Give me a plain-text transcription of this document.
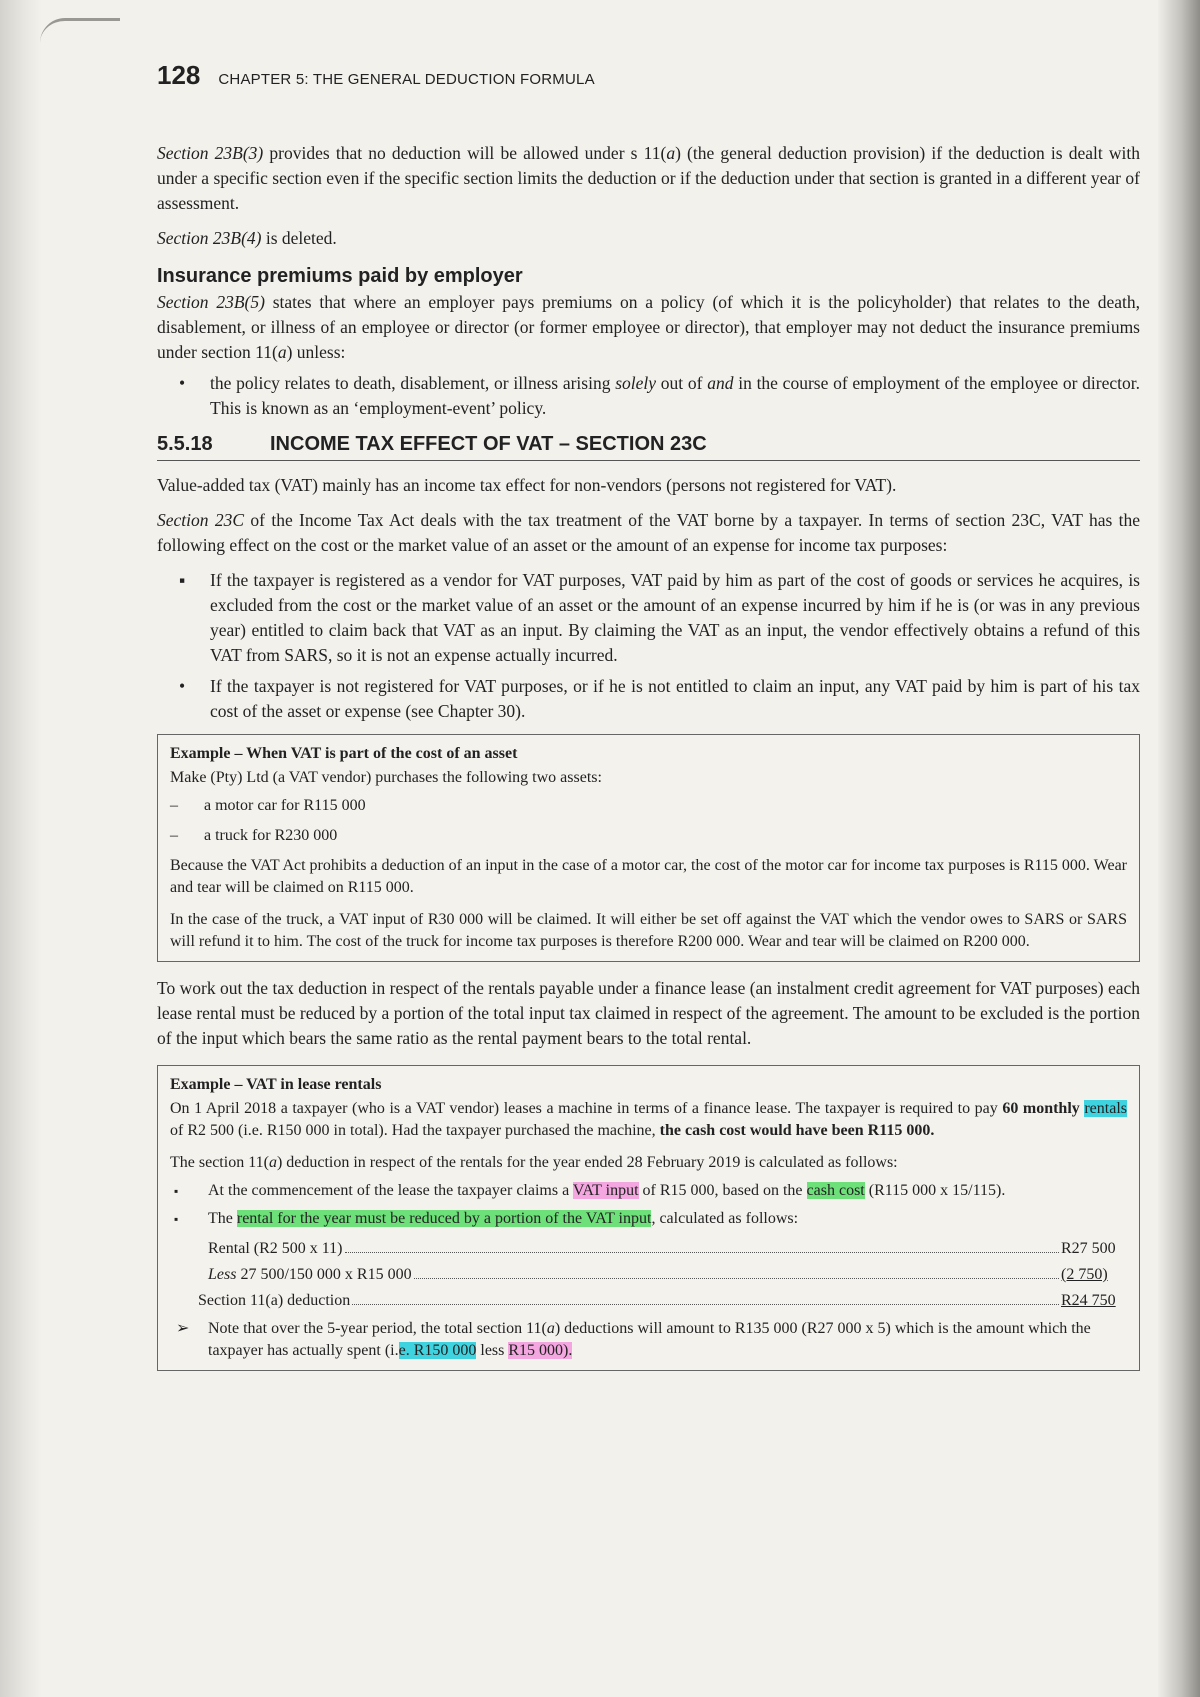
128 CHAPTER 5: THE GENERAL DEDUCTION FORMULA

Section 23B(3) provides that no deduction will be allowed under s 11(a) (the general deduction provision) if the deduction is dealt with under a specific section even if the specific section limits the deduction or if the deduction under that section is granted in a different year of assessment.

Section 23B(4) is deleted.

Insurance premiums paid by employer

Section 23B(5) states that where an employer pays premiums on a policy (of which it is the policyholder) that relates to the death, disablement, or illness of an employee or director (or former employee or director), that employer may not deduct the insurance premiums under section 11(a) unless:

• the policy relates to death, disablement, or illness arising solely out of and in the course of employment of the employee or director. This is known as an ‘employment-event’ policy.
5.5.18	INCOME TAX EFFECT OF VAT – SECTION 23C

Value-added tax (VAT) mainly has an income tax effect for non-vendors (persons not registered for VAT).

Section 23C of the Income Tax Act deals with the tax treatment of the VAT borne by a taxpayer. In terms of section 23C, VAT has the following effect on the cost or the market value of an asset or the amount of an expense for income tax purposes:

▪ If the taxpayer is registered as a vendor for VAT purposes, VAT paid by him as part of the cost of goods or services he acquires, is excluded from the cost or the market value of an asset or the amount of an expense incurred by him if he is (or was in any previous year) entitled to claim back that VAT as an input. By claiming the VAT as an input, the vendor effectively obtains a refund of this VAT from SARS, so it is not an expense actually incurred.
• If the taxpayer is not registered for VAT purposes, or if he is not entitled to claim an input, any VAT paid by him is part of his tax cost of the asset or expense (see Chapter 30).
Example – When VAT is part of the cost of an asset

Make (Pty) Ltd (a VAT vendor) purchases the following two assets:

– a motor car for R115 000
– a truck for R230 000

Because the VAT Act prohibits a deduction of an input in the case of a motor car, the cost of the motor car for income tax purposes is R115 000. Wear and tear will be claimed on R115 000.

In the case of the truck, a VAT input of R30 000 will be claimed. It will either be set off against the VAT which the vendor owes to SARS or SARS will refund it to him. The cost of the truck for income tax purposes is therefore R200 000. Wear and tear will be claimed on R200 000.

To work out the tax deduction in respect of the rentals payable under a finance lease (an instalment credit agreement for VAT purposes) each lease rental must be reduced by a portion of the total input tax claimed in respect of the agreement. The amount to be excluded is the portion of the input which bears the same ratio as the rental payment bears to the total rental.

Example – VAT in lease rentals

On 1 April 2018 a taxpayer (who is a VAT vendor) leases a machine in terms of a finance lease. The taxpayer is required to pay 60 monthly rentals of R2 500 (i.e. R150 000 in total). Had the taxpayer purchased the machine, the cash cost would have been R115 000.

The section 11(a) deduction in respect of the rentals for the year ended 28 February 2019 is calculated as follows:

▪ At the commencement of the lease the taxpayer claims a VAT input of R15 000, based on the cash cost (R115 000 x 15/115).
▪ The rental for the year must be reduced by a portion of the VAT input, calculated as follows:
Rental (R2 500 x 11)	R27 500
Less 27 500/150 000 x R15 000	(2 750)
Section 11(a) deduction	R24 750
➢ Note that over the 5-year period, the total section 11(a) deductions will amount to R135 000 (R27 000 x 5) which is the amount which the taxpayer has actually spent (i.e. R150 000 less R15 000).
